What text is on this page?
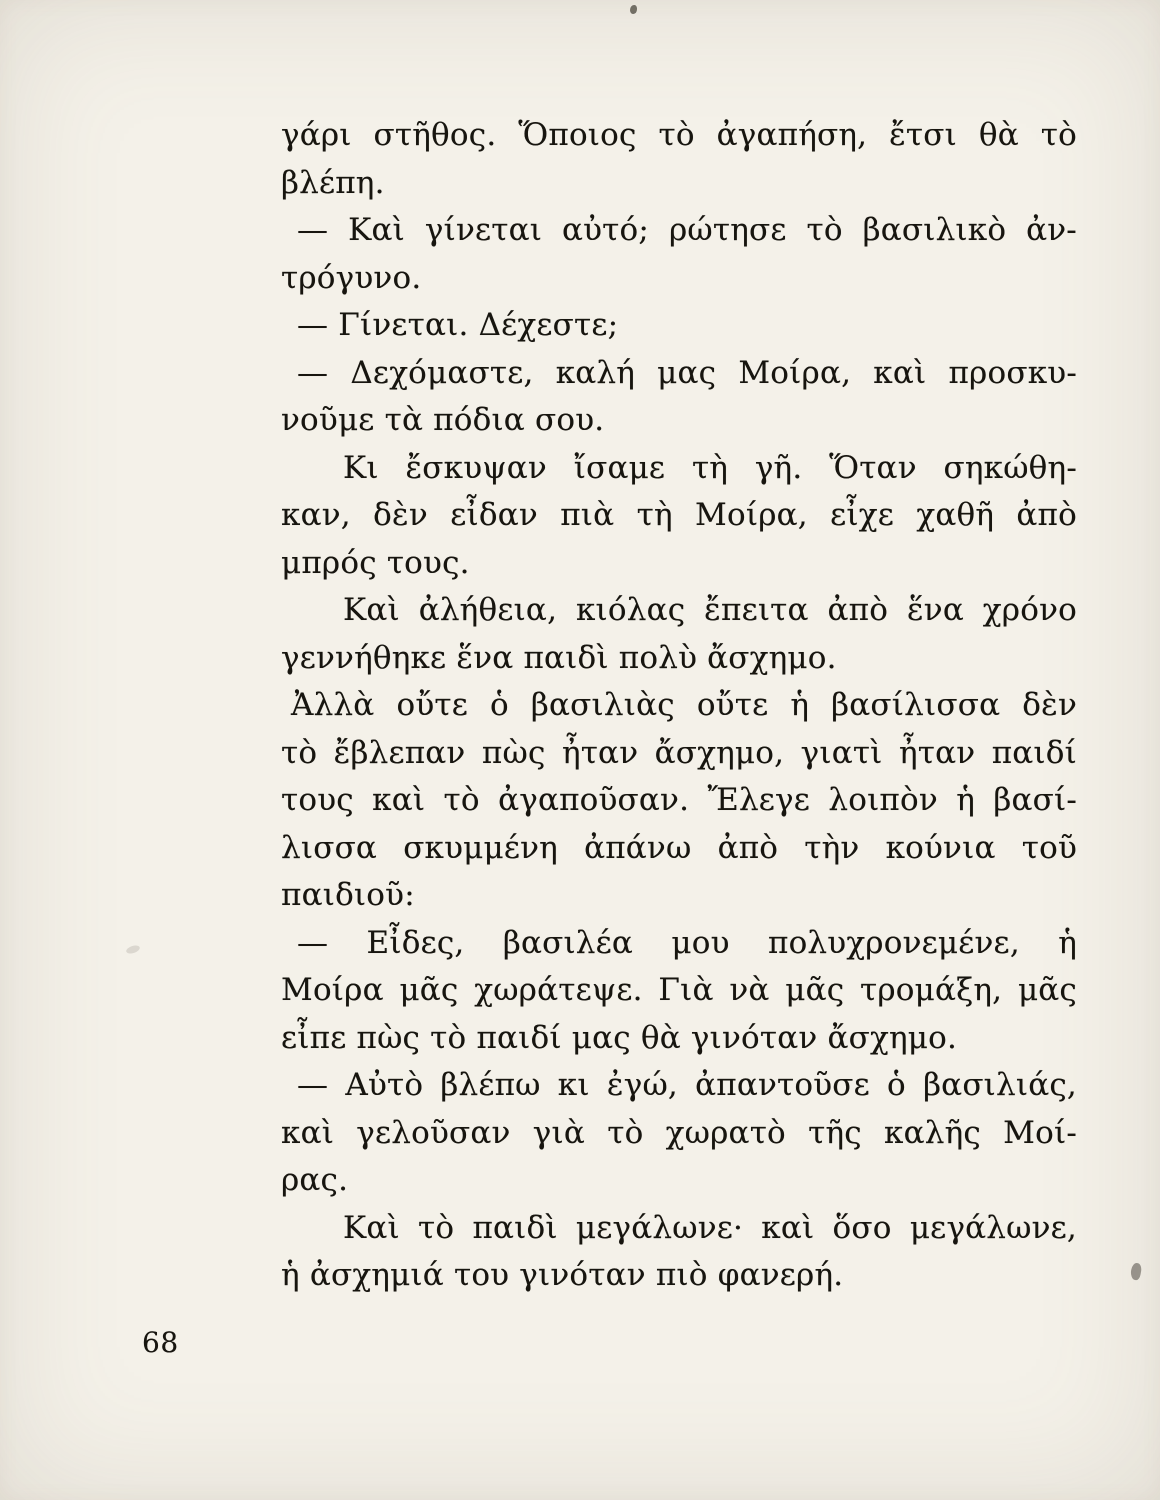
γάρι στῆθος. Ὅποιος τὸ ἀγαπήση, ἔτσι θὰ τὸ
βλέπη.
— Καὶ γίνεται αὐτό; ρώτησε τὸ βασιλικὸ ἀν-
τρόγυνο.
— Γίνεται. Δέχεστε;
— Δεχόμαστε, καλή μας Μοίρα, καὶ προσκυ-
νοῦμε τὰ πόδια σου.
Κι ἔσκυψαν ἴσαμε τὴ γῆ. Ὅταν σηκώθη-
καν, δὲν εἶδαν πιὰ τὴ Μοίρα, εἶχε χαθῆ ἀπὸ
μπρός τους.
Καὶ ἀλήθεια, κιόλας ἔπειτα ἀπὸ ἕνα χρόνο
γεννήθηκε ἕνα παιδὶ πολὺ ἄσχημο.
Ἀλλὰ οὔτε ὁ βασιλιὰς οὔτε ἡ βασίλισσα δὲν
τὸ ἔβλεπαν πὼς ἦταν ἄσχημο, γιατὶ ἦταν παιδί
τους καὶ τὸ ἀγαποῦσαν. Ἔλεγε λοιπὸν ἡ βασί-
λισσα σκυμμένη ἀπάνω ἀπὸ τὴν κούνια τοῦ
παιδιοῦ:
— Εἶδες, βασιλέα μου πολυχρονεμένε, ἡ
Μοίρα μᾶς χωράτεψε. Γιὰ νὰ μᾶς τρομάξη, μᾶς
εἶπε πὼς τὸ παιδί μας θὰ γινόταν ἄσχημο.
— Αὐτὸ βλέπω κι ἐγώ, ἀπαντοῦσε ὁ βασιλιάς,
καὶ γελοῦσαν γιὰ τὸ χωρατὸ τῆς καλῆς Μοί-
ρας.
Καὶ τὸ παιδὶ μεγάλωνε· καὶ ὅσο μεγάλωνε,
ἡ ἀσχημιά του γινόταν πιὸ φανερή.
68
